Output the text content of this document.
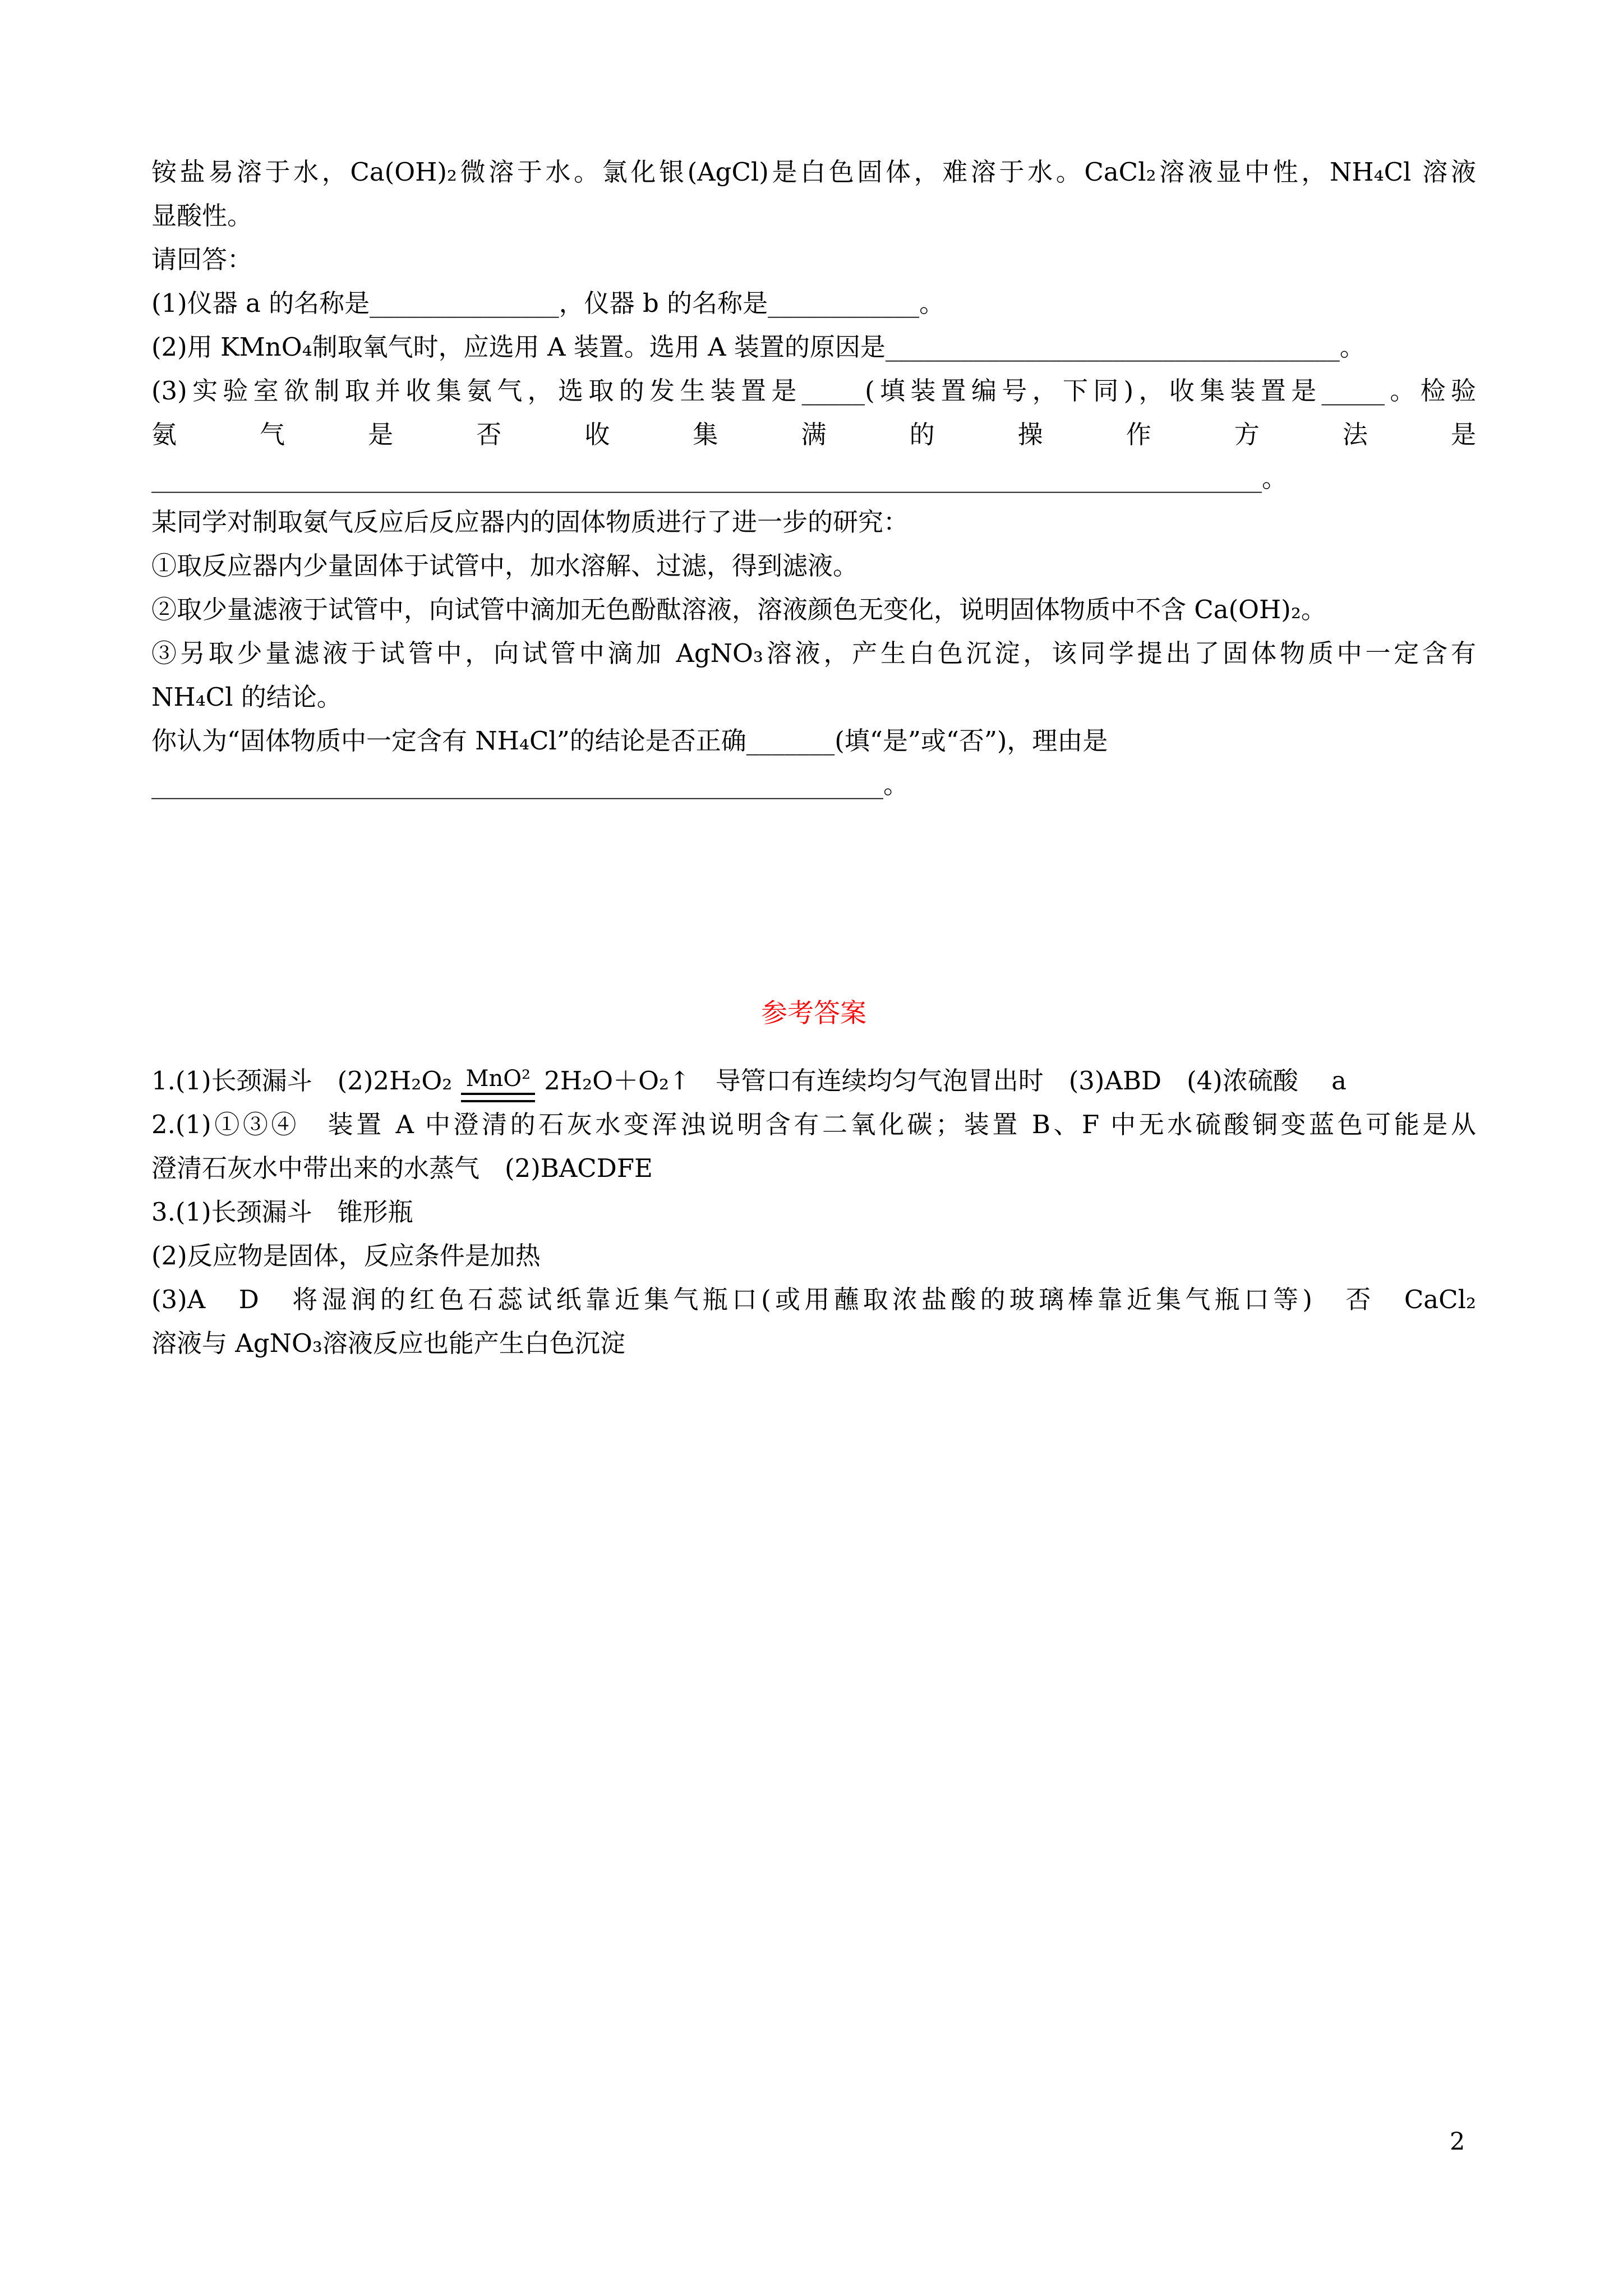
铵盐易溶于水，Ca(OH)₂微溶于水。氯化银(AgCl)是白色固体，难溶于水。CaCl₂溶液显中性，NH₄Cl 溶液
显酸性。
请回答：
(1)仪器 a 的名称是_______________，仪器 b 的名称是____________。
(2)用 KMnO₄制取氧气时，应选用 A 装置。选用 A 装置的原因是____________________________________。
(3)实验室欲制取并收集氨气，选取的发生装置是_____(填装置编号，下同)，收集装置是_____。检验
氨气是否收集满的操作方法是
________________________________________________________________________________________。
某同学对制取氨气反应后反应器内的固体物质进行了进一步的研究：
①取反应器内少量固体于试管中，加水溶解、过滤，得到滤液。
②取少量滤液于试管中，向试管中滴加无色酚酞溶液，溶液颜色无变化，说明固体物质中不含 Ca(OH)₂。
③另取少量滤液于试管中，向试管中滴加 AgNO₃溶液，产生白色沉淀，该同学提出了固体物质中一定含有
NH₄Cl 的结论。
你认为“固体物质中一定含有 NH₄Cl”的结论是否正确_______(填“是”或“否”)，理由是
__________________________________________________________。
参考答案
1.(1)长颈漏斗　(2)2H₂O₂ MnO² 2H₂O＋O₂↑　导管口有连续均匀气泡冒出时　(3)ABD　(4)浓硫酸　 a
2.(1)①③④　装置 A 中澄清的石灰水变浑浊说明含有二氧化碳；装置 B、F 中无水硫酸铜变蓝色可能是从
澄清石灰水中带出来的水蒸气　(2)BACDFE
3.(1)长颈漏斗　锥形瓶
(2)反应物是固体，反应条件是加热
(3)A　D　将湿润的红色石蕊试纸靠近集气瓶口(或用蘸取浓盐酸的玻璃棒靠近集气瓶口等)　否　CaCl₂
溶液与 AgNO₃溶液反应也能产生白色沉淀
2
